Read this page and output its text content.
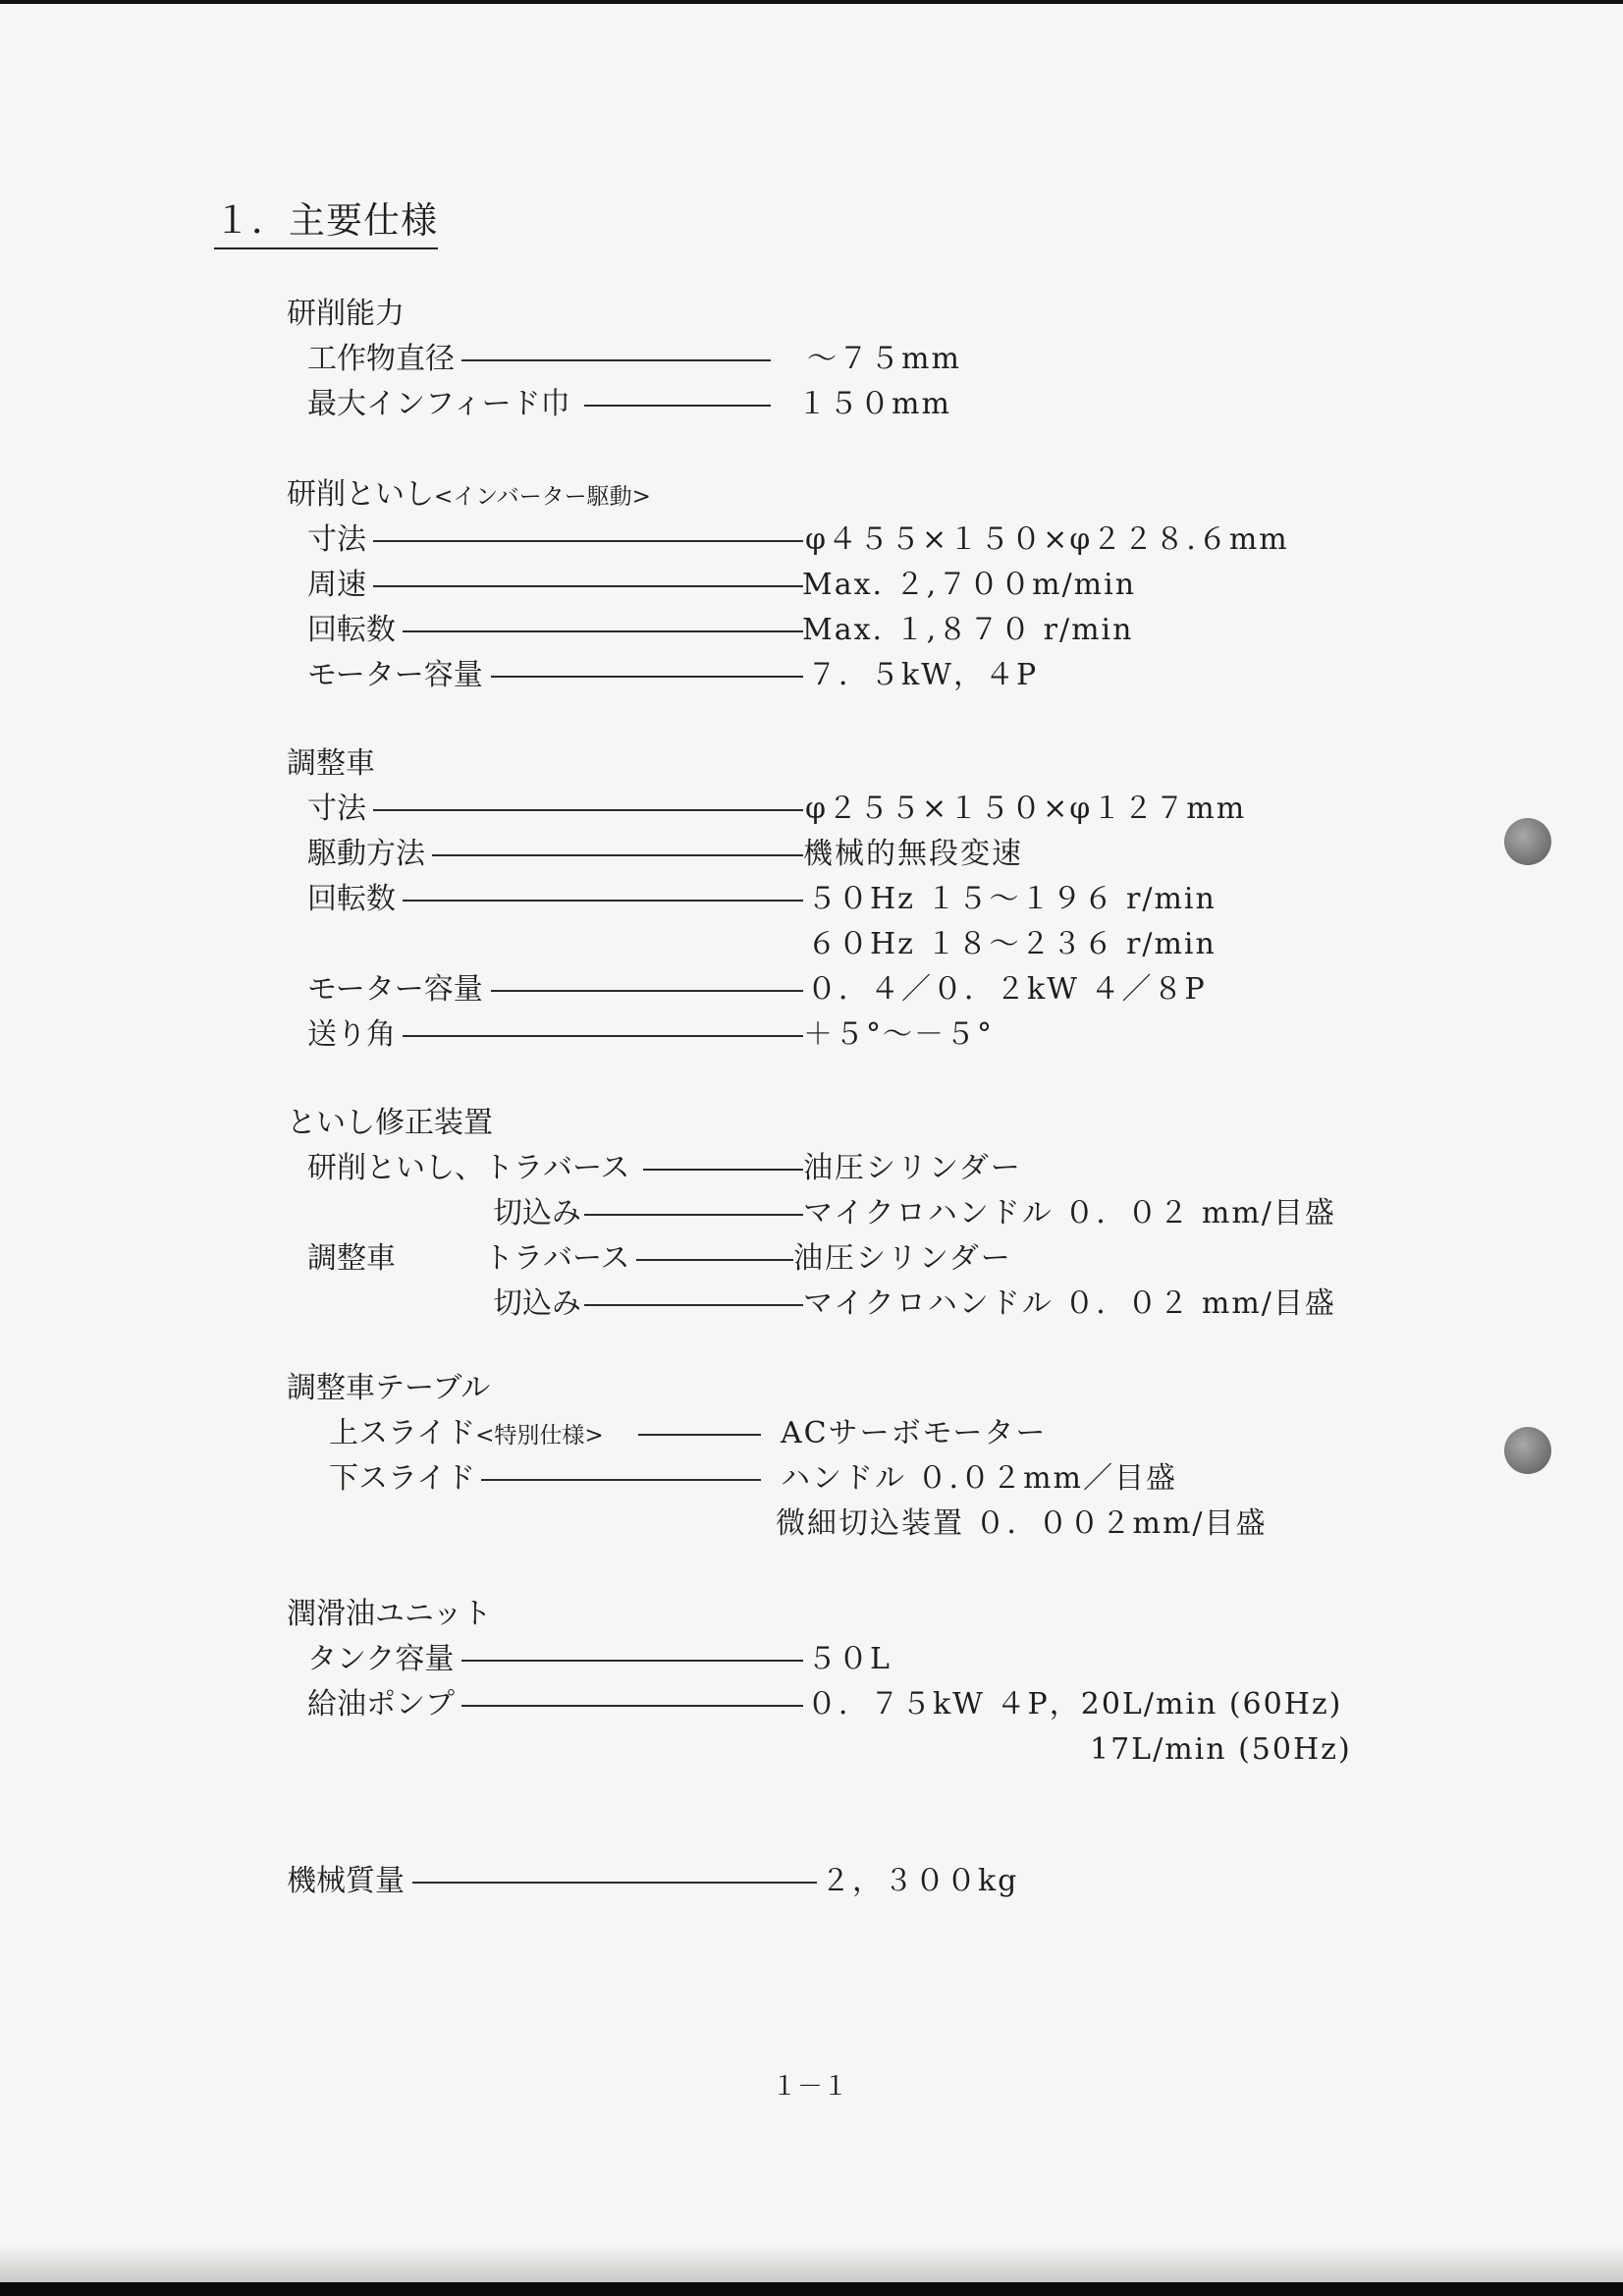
１．主要仕様
研削能力
工作物直径	～７５mm
最大インフィード巾	１５０mm
研削といし<インバーター駆動>
寸法	φ４５５×１５０×φ２２８.６mm
周速	Max. ２,７００m/min
回転数	Max. １,８７０ r/min
モーター容量	７．５kW，４P
調整車
寸法	φ２５５×１５０×φ１２７mm
駆動方法	機械的無段変速
回転数	５０Hz １５～１９６ r/min
６０Hz １８～２３６ r/min
モーター容量	０．４／０．２kW ４／８P
送り角	＋５°～－５°
といし修正装置
研削といし、トラバース	油圧シリンダー
切込み	マイクロハンドル ０．０２ mm/目盛
調整車	トラバース	油圧シリンダー
切込み	マイクロハンドル ０．０２ mm/目盛
調整車テーブル
上スライド<特別仕様>	ACサーボモーター
下スライド	ハンドル ０.０２mm／目盛
微細切込装置 ０．００２mm/目盛
潤滑油ユニット
タンク容量	５０L
給油ポンプ	０．７５kW ４P，20L/min (60Hz)
17L/min (50Hz)
機械質量	２，３００kg
１－１
